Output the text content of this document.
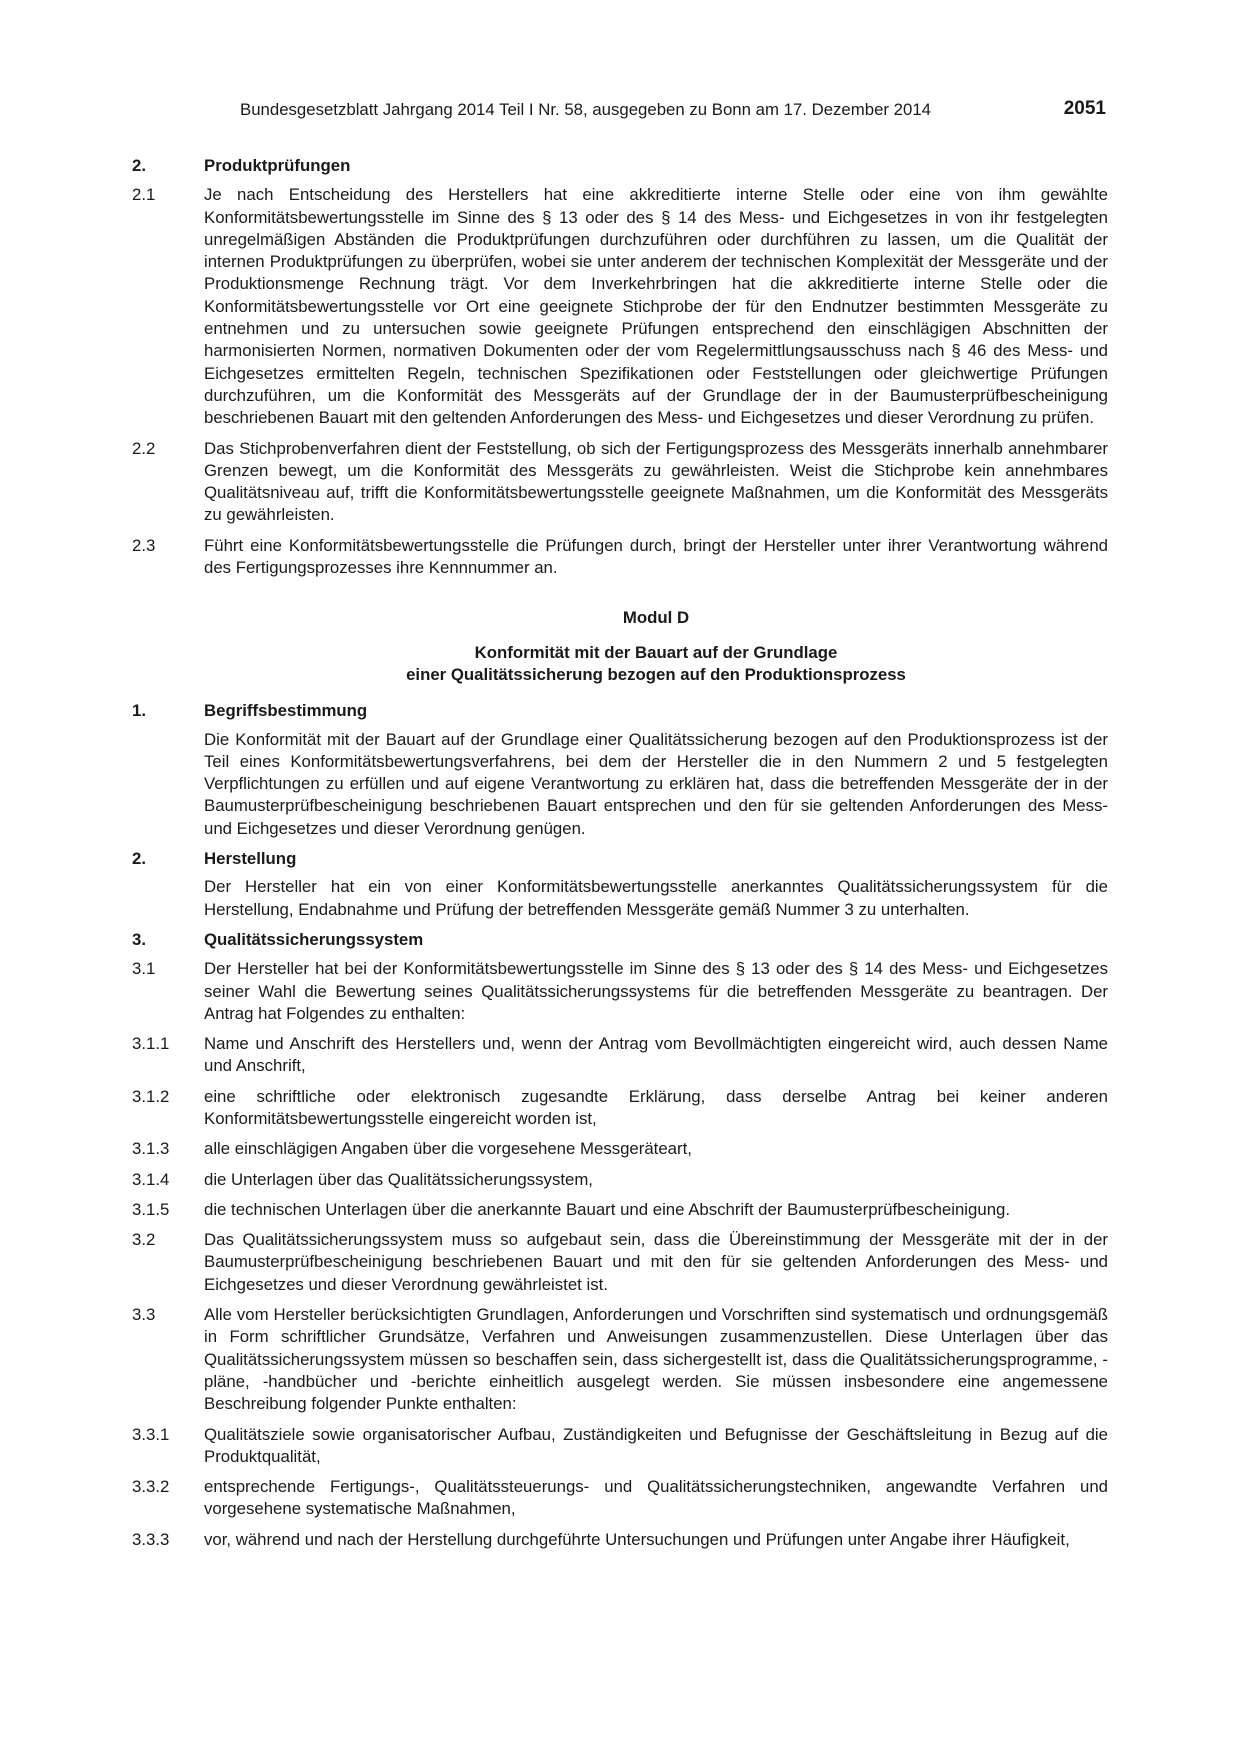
Bundesgesetzblatt Jahrgang 2014 Teil I Nr. 58, ausgegeben zu Bonn am 17. Dezember 2014	2051
2.	Produktprüfungen
2.1	Je nach Entscheidung des Herstellers hat eine akkreditierte interne Stelle oder eine von ihm gewählte Konformitätsbewertungsstelle im Sinne des § 13 oder des § 14 des Mess- und Eichgesetzes in von ihr festgelegten unregelmäßigen Abständen die Produktprüfungen durchzuführen oder durchführen zu lassen, um die Qualität der internen Produktprüfungen zu überprüfen, wobei sie unter anderem der technischen Komplexität der Messgeräte und der Produktionsmenge Rechnung trägt. Vor dem Inverkehrbringen hat die akkreditierte interne Stelle oder die Konformitätsbewertungsstelle vor Ort eine geeignete Stichprobe der für den Endnutzer bestimmten Messgeräte zu entnehmen und zu untersuchen sowie geeignete Prüfungen entsprechend den einschlägigen Abschnitten der harmonisierten Normen, normativen Dokumenten oder der vom Regelermittlungsausschuss nach § 46 des Mess- und Eichgesetzes ermittelten Regeln, technischen Spezifikationen oder Feststellungen oder gleichwertige Prüfungen durchzuführen, um die Konformität des Messgeräts auf der Grundlage der in der Baumusterprüfbescheinigung beschriebenen Bauart mit den geltenden Anforderungen des Mess- und Eichgesetzes und dieser Verordnung zu prüfen.
2.2	Das Stichprobenverfahren dient der Feststellung, ob sich der Fertigungsprozess des Messgeräts innerhalb annehmbarer Grenzen bewegt, um die Konformität des Messgeräts zu gewährleisten. Weist die Stichprobe kein annehmbares Qualitätsniveau auf, trifft die Konformitätsbewertungsstelle geeignete Maßnahmen, um die Konformität des Messgeräts zu gewährleisten.
2.3	Führt eine Konformitätsbewertungsstelle die Prüfungen durch, bringt der Hersteller unter ihrer Verantwortung während des Fertigungsprozesses ihre Kennnummer an.
Modul D
Konformität mit der Bauart auf der Grundlage
einer Qualitätssicherung bezogen auf den Produktionsprozess
1.	Begriffsbestimmung
Die Konformität mit der Bauart auf der Grundlage einer Qualitätssicherung bezogen auf den Produktionsprozess ist der Teil eines Konformitätsbewertungsverfahrens, bei dem der Hersteller die in den Nummern 2 und 5 festgelegten Verpflichtungen zu erfüllen und auf eigene Verantwortung zu erklären hat, dass die betreffenden Messgeräte der in der Baumusterprüfbescheinigung beschriebenen Bauart entsprechen und den für sie geltenden Anforderungen des Mess- und Eichgesetzes und dieser Verordnung genügen.
2.	Herstellung
Der Hersteller hat ein von einer Konformitätsbewertungsstelle anerkanntes Qualitätssicherungssystem für die Herstellung, Endabnahme und Prüfung der betreffenden Messgeräte gemäß Nummer 3 zu unterhalten.
3.	Qualitätssicherungssystem
3.1	Der Hersteller hat bei der Konformitätsbewertungsstelle im Sinne des § 13 oder des § 14 des Mess- und Eichgesetzes seiner Wahl die Bewertung seines Qualitätssicherungssystems für die betreffenden Messgeräte zu beantragen. Der Antrag hat Folgendes zu enthalten:
3.1.1	Name und Anschrift des Herstellers und, wenn der Antrag vom Bevollmächtigten eingereicht wird, auch dessen Name und Anschrift,
3.1.2	eine schriftliche oder elektronisch zugesandte Erklärung, dass derselbe Antrag bei keiner anderen Konformitätsbewertungsstelle eingereicht worden ist,
3.1.3	alle einschlägigen Angaben über die vorgesehene Messgeräteart,
3.1.4	die Unterlagen über das Qualitätssicherungssystem,
3.1.5	die technischen Unterlagen über die anerkannte Bauart und eine Abschrift der Baumusterprüfbescheinigung.
3.2	Das Qualitätssicherungssystem muss so aufgebaut sein, dass die Übereinstimmung der Messgeräte mit der in der Baumusterprüfbescheinigung beschriebenen Bauart und mit den für sie geltenden Anforderungen des Mess- und Eichgesetzes und dieser Verordnung gewährleistet ist.
3.3	Alle vom Hersteller berücksichtigten Grundlagen, Anforderungen und Vorschriften sind systematisch und ordnungsgemäß in Form schriftlicher Grundsätze, Verfahren und Anweisungen zusammenzustellen. Diese Unterlagen über das Qualitätssicherungssystem müssen so beschaffen sein, dass sichergestellt ist, dass die Qualitätssicherungsprogramme, -pläne, -handbücher und -berichte einheitlich ausgelegt werden. Sie müssen insbesondere eine angemessene Beschreibung folgender Punkte enthalten:
3.3.1	Qualitätsziele sowie organisatorischer Aufbau, Zuständigkeiten und Befugnisse der Geschäftsleitung in Bezug auf die Produktqualität,
3.3.2	entsprechende Fertigungs-, Qualitätssteuerungs- und Qualitätssicherungstechniken, angewandte Verfahren und vorgesehene systematische Maßnahmen,
3.3.3	vor, während und nach der Herstellung durchgeführte Untersuchungen und Prüfungen unter Angabe ihrer Häufigkeit,
